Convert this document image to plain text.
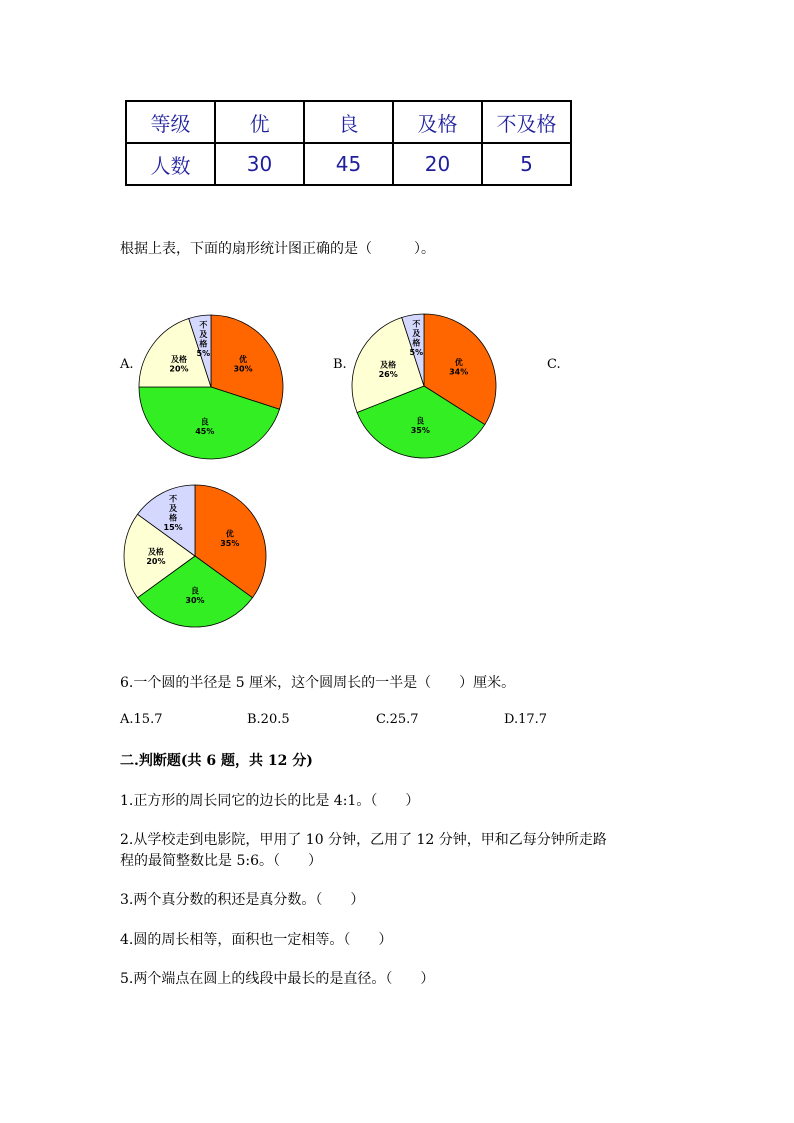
等级	优	良	及格	不及格
人数	30	45	20	5
根据上表，下面的扇形统计图正确的是（　　　）。
A.	优
30%
良
45%
及格
20%
不
及
格
5%
B.	优
34%
良
35%
及格
26%
不
及
格
5%
C.
优
35%
良
30%
及格
20%
不
及
格
15%
6.一个圆的半径是 5 厘米，这个圆周长的一半是（　　）厘米。
A.15.7	B.20.5	C.25.7	D.17.7
二.判断题(共 6 题，共 12 分)
1.正方形的周长同它的边长的比是 4:1。（　　）
2.从学校走到电影院，甲用了 10 分钟，乙用了 12 分钟，甲和乙每分钟所走路
程的最简整数比是 5:6。（　　）
3.两个真分数的积还是真分数。（　　）
4.圆的周长相等，面积也一定相等。（　　）
5.两个端点在圆上的线段中最长的是直径。（　　）
